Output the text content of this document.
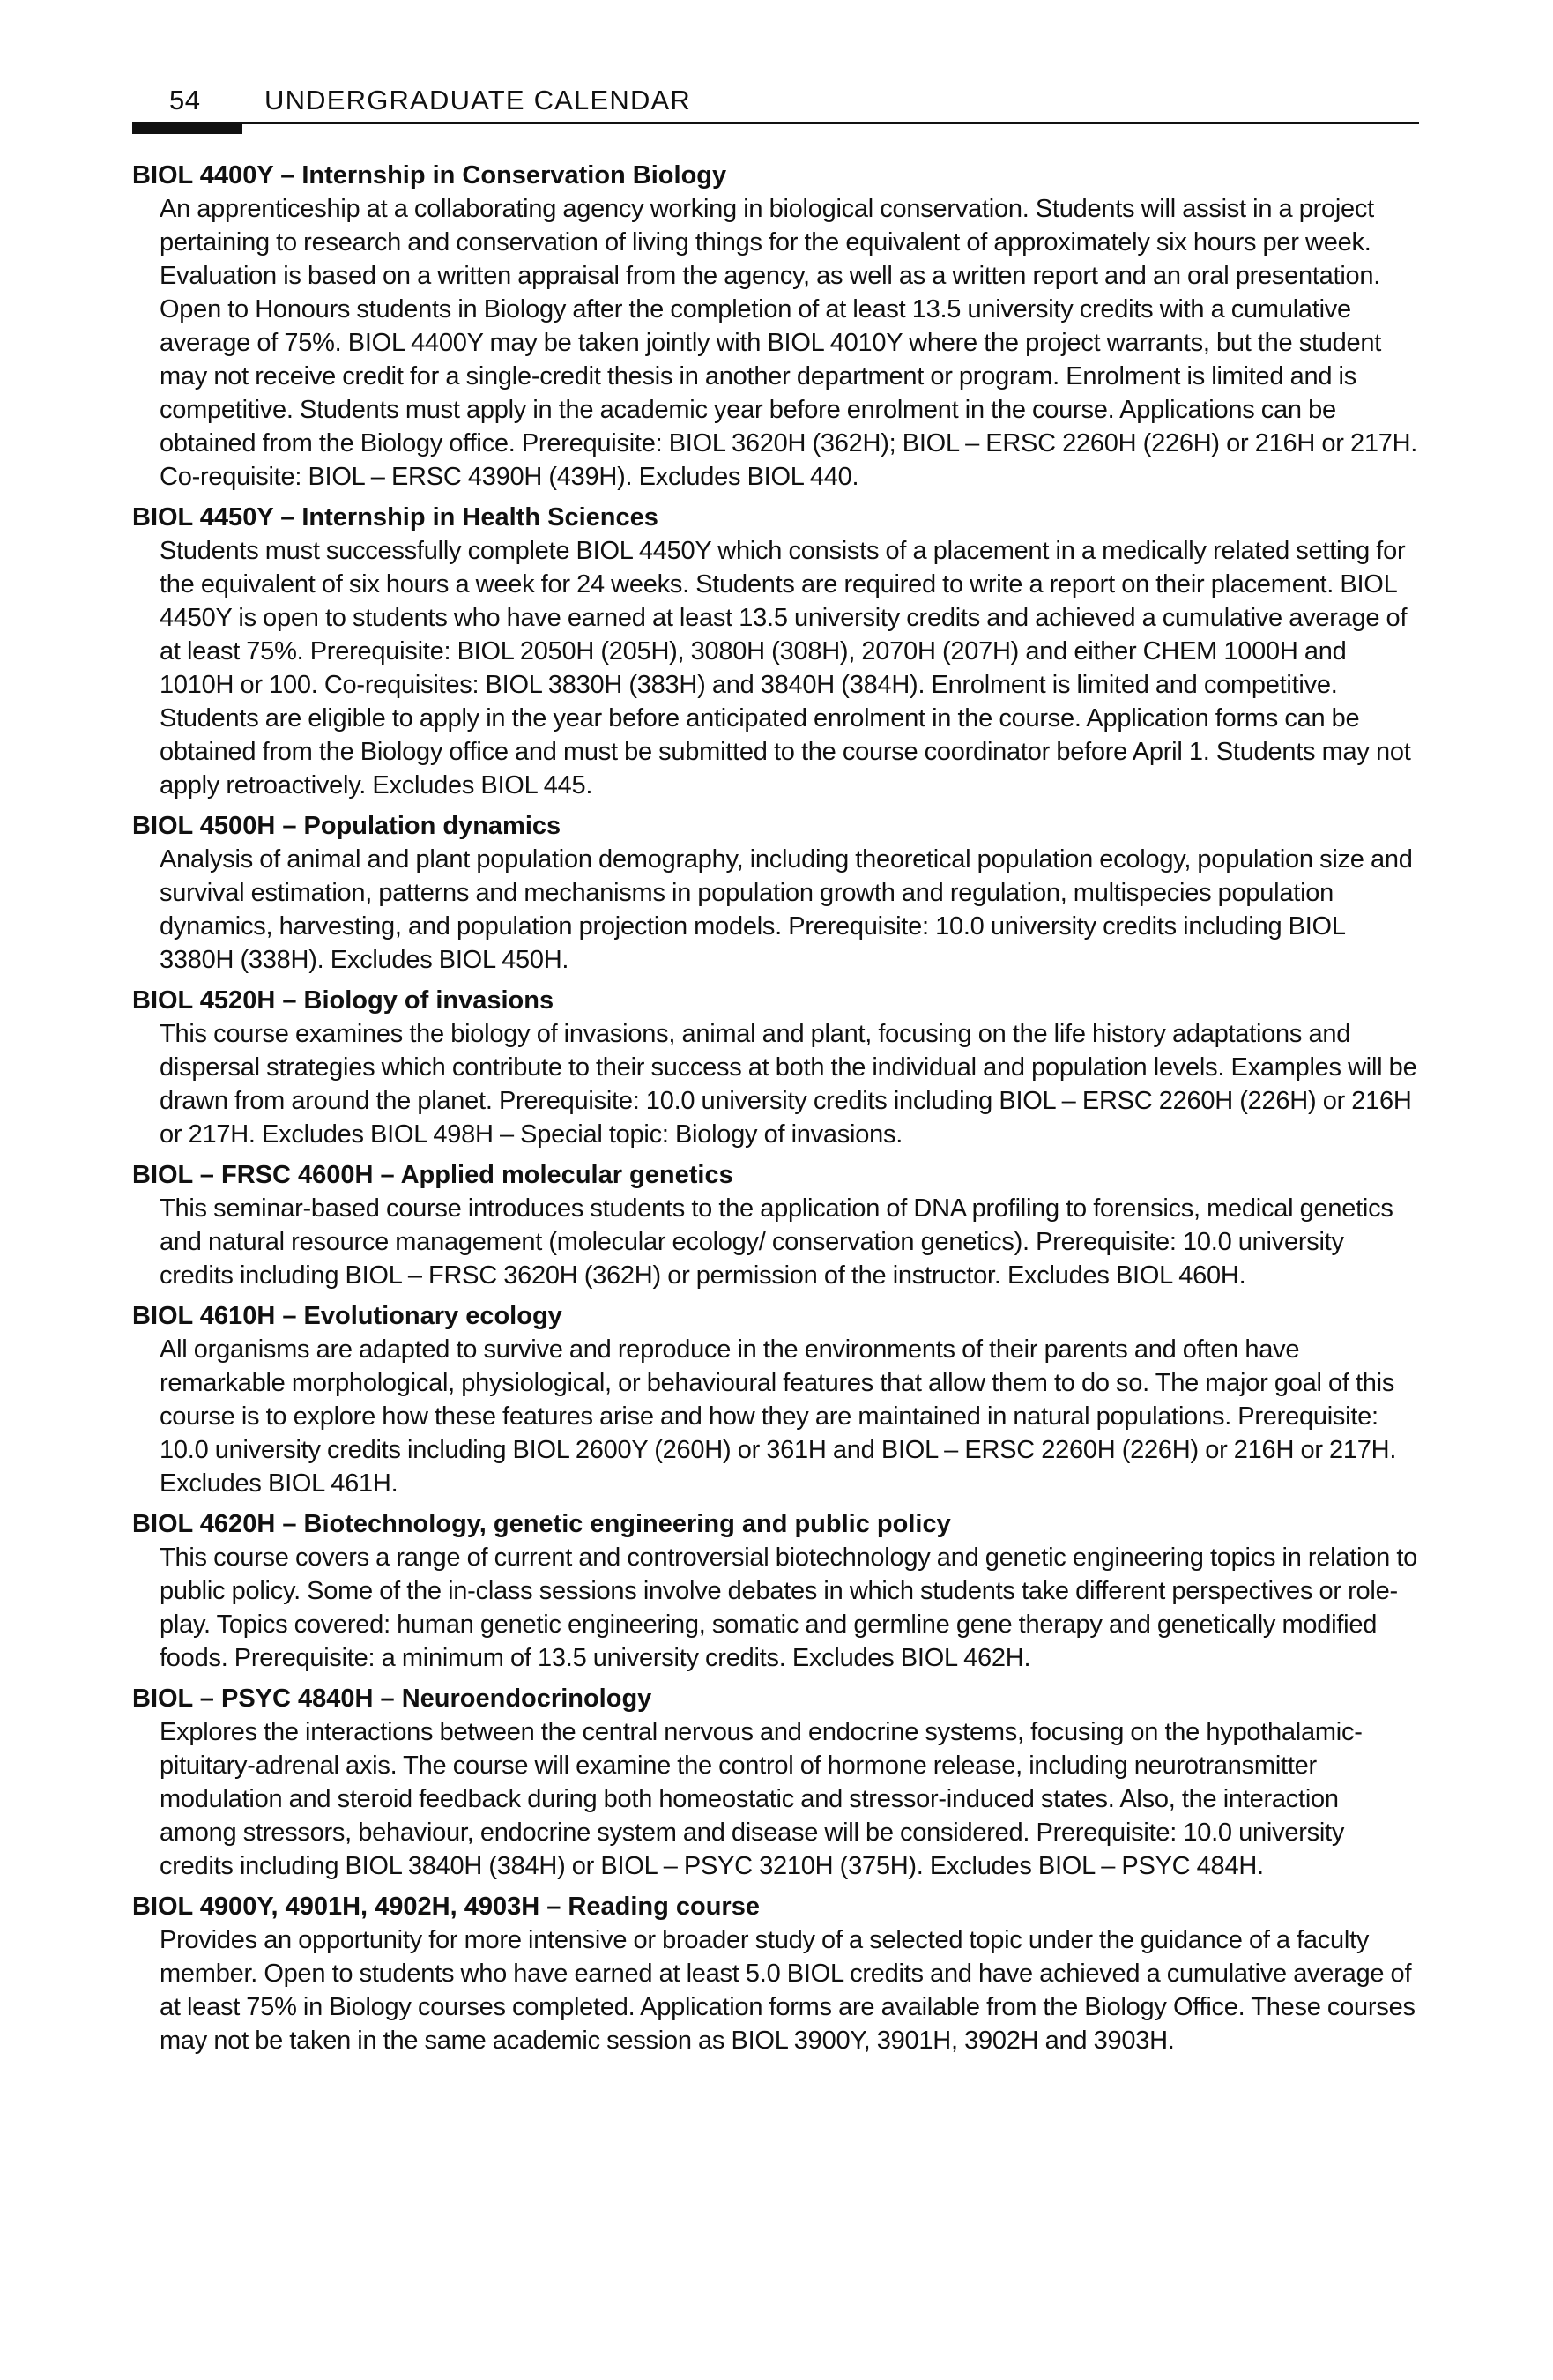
54 UNDERGRADUATE CALENDAR

BIOL 4400Y – Internship in Conservation Biology

An apprenticeship at a collaborating agency working in biological conservation. Students will assist in a project pertaining to research and conservation of living things for the equivalent of approximately six hours per week. Evaluation is based on a written appraisal from the agency, as well as a written report and an oral presentation. Open to Honours students in Biology after the completion of at least 13.5 university credits with a cumulative average of 75%. BIOL 4400Y may be taken jointly with BIOL 4010Y where the project warrants, but the student may not receive credit for a single-credit thesis in another department or program. Enrolment is limited and is competitive. Students must apply in the academic year before enrolment in the course. Applications can be obtained from the Biology office. Prerequisite: BIOL 3620H (362H); BIOL – ERSC 2260H (226H) or 216H or 217H. Co-requisite: BIOL – ERSC 4390H (439H). Excludes BIOL 440.

BIOL 4450Y – Internship in Health Sciences

Students must successfully complete BIOL 4450Y which consists of a placement in a medically related setting for the equivalent of six hours a week for 24 weeks. Students are required to write a report on their placement. BIOL 4450Y is open to students who have earned at least 13.5 university credits and achieved a cumulative average of at least 75%. Prerequisite: BIOL 2050H (205H), 3080H (308H), 2070H (207H) and either CHEM 1000H and 1010H or 100. Co-requisites: BIOL 3830H (383H) and 3840H (384H). Enrolment is limited and competitive. Students are eligible to apply in the year before anticipated enrolment in the course. Application forms can be obtained from the Biology office and must be submitted to the course coordinator before April 1. Students may not apply retroactively. Excludes BIOL 445.

BIOL 4500H – Population dynamics

Analysis of animal and plant population demography, including theoretical population ecology, population size and survival estimation, patterns and mechanisms in population growth and regulation, multispecies population dynamics, harvesting, and population projection models. Prerequisite: 10.0 university credits including BIOL 3380H (338H). Excludes BIOL 450H.

BIOL 4520H – Biology of invasions

This course examines the biology of invasions, animal and plant, focusing on the life history adaptations and dispersal strategies which contribute to their success at both the individual and population levels. Examples will be drawn from around the planet. Prerequisite: 10.0 university credits including BIOL – ERSC 2260H (226H) or 216H or 217H. Excludes BIOL 498H – Special topic: Biology of invasions.

BIOL – FRSC 4600H – Applied molecular genetics

This seminar-based course introduces students to the application of DNA profiling to forensics, medical genetics and natural resource management (molecular ecology/ conservation genetics). Prerequisite: 10.0 university credits including BIOL – FRSC 3620H (362H) or permission of the instructor. Excludes BIOL 460H.

BIOL 4610H – Evolutionary ecology

All organisms are adapted to survive and reproduce in the environments of their parents and often have remarkable morphological, physiological, or behavioural features that allow them to do so. The major goal of this course is to explore how these features arise and how they are maintained in natural populations. Prerequisite: 10.0 university credits including BIOL 2600Y (260H) or 361H and BIOL – ERSC 2260H (226H) or 216H or 217H. Excludes BIOL 461H.

BIOL 4620H – Biotechnology, genetic engineering and public policy

This course covers a range of current and controversial biotechnology and genetic engineering topics in relation to public policy. Some of the in-class sessions involve debates in which students take different perspectives or role-play. Topics covered: human genetic engineering, somatic and germline gene therapy and genetically modified foods. Prerequisite: a minimum of 13.5 university credits. Excludes BIOL 462H.

BIOL – PSYC 4840H – Neuroendocrinology

Explores the interactions between the central nervous and endocrine systems, focusing on the hypothalamic-pituitary-adrenal axis. The course will examine the control of hormone release, including neurotransmitter modulation and steroid feedback during both homeostatic and stressor-induced states. Also, the interaction among stressors, behaviour, endocrine system and disease will be considered. Prerequisite: 10.0 university credits including BIOL 3840H (384H) or BIOL – PSYC 3210H (375H). Excludes BIOL – PSYC 484H.

BIOL 4900Y, 4901H, 4902H, 4903H – Reading course

Provides an opportunity for more intensive or broader study of a selected topic under the guidance of a faculty member. Open to students who have earned at least 5.0 BIOL credits and have achieved a cumulative average of at least 75% in Biology courses completed. Application forms are available from the Biology Office. These courses may not be taken in the same academic session as BIOL 3900Y, 3901H, 3902H and 3903H.
